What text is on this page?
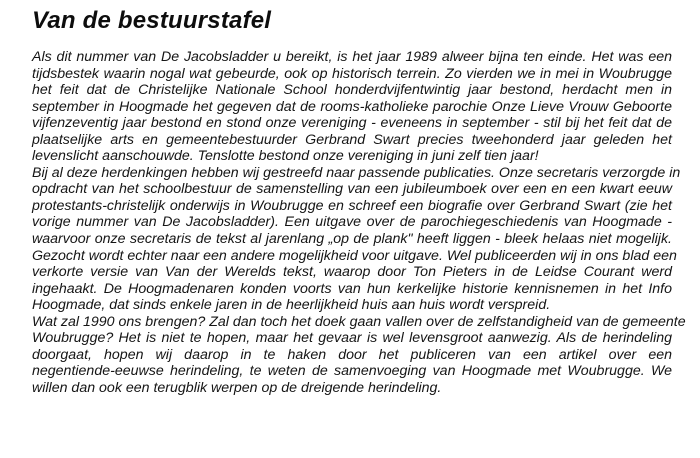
Van de bestuurstafel
Als dit nummer van De Jacobsladder u bereikt, is het jaar 1989 alweer bijna ten einde. Het was een
tijdsbestek waarin nogal wat gebeurde, ook op historisch terrein. Zo vierden we in mei in Woubrugge
het feit dat de Christelijke Nationale School honderdvijfentwintig jaar bestond, herdacht men in
september in Hoogmade het gegeven dat de rooms-katholieke parochie Onze Lieve Vrouw Geboorte
vijfenzeventig jaar bestond en stond onze vereniging - eveneens in september - stil bij het feit dat de
plaatselijke arts en gemeentebestuurder Gerbrand Swart precies tweehonderd jaar geleden het
levenslicht aanschouwde. Tenslotte bestond onze vereniging in juni zelf tien jaar!
Bij al deze herdenkingen hebben wij gestreefd naar passende publicaties. Onze secretaris verzorgde in
opdracht van het schoolbestuur de samenstelling van een jubileumboek over een en een kwart eeuw
protestants-christelijk onderwijs in Woubrugge en schreef een biografie over Gerbrand Swart (zie het
vorige nummer van De Jacobsladder). Een uitgave over de parochiegeschiedenis van Hoogmade -
waarvoor onze secretaris de tekst al jarenlang „op de plank" heeft liggen - bleek helaas niet mogelijk.
Gezocht wordt echter naar een andere mogelijkheid voor uitgave. Wel publiceerden wij in ons blad een
verkorte versie van Van der Werelds tekst, waarop door Ton Pieters in de Leidse Courant werd
ingehaakt. De Hoogmadenaren konden voorts van hun kerkelijke historie kennisnemen in het Info
Hoogmade, dat sinds enkele jaren in de heerlijkheid huis aan huis wordt verspreid.
Wat zal 1990 ons brengen? Zal dan toch het doek gaan vallen over de zelfstandigheid van de gemeente
Woubrugge? Het is niet te hopen, maar het gevaar is wel levensgroot aanwezig. Als de herindeling
doorgaat, hopen wij daarop in te haken door het publiceren van een artikel over een
negentiende-eeuwse herindeling, te weten de samenvoeging van Hoogmade met Woubrugge. We
willen dan ook een terugblik werpen op de dreigende herindeling.
